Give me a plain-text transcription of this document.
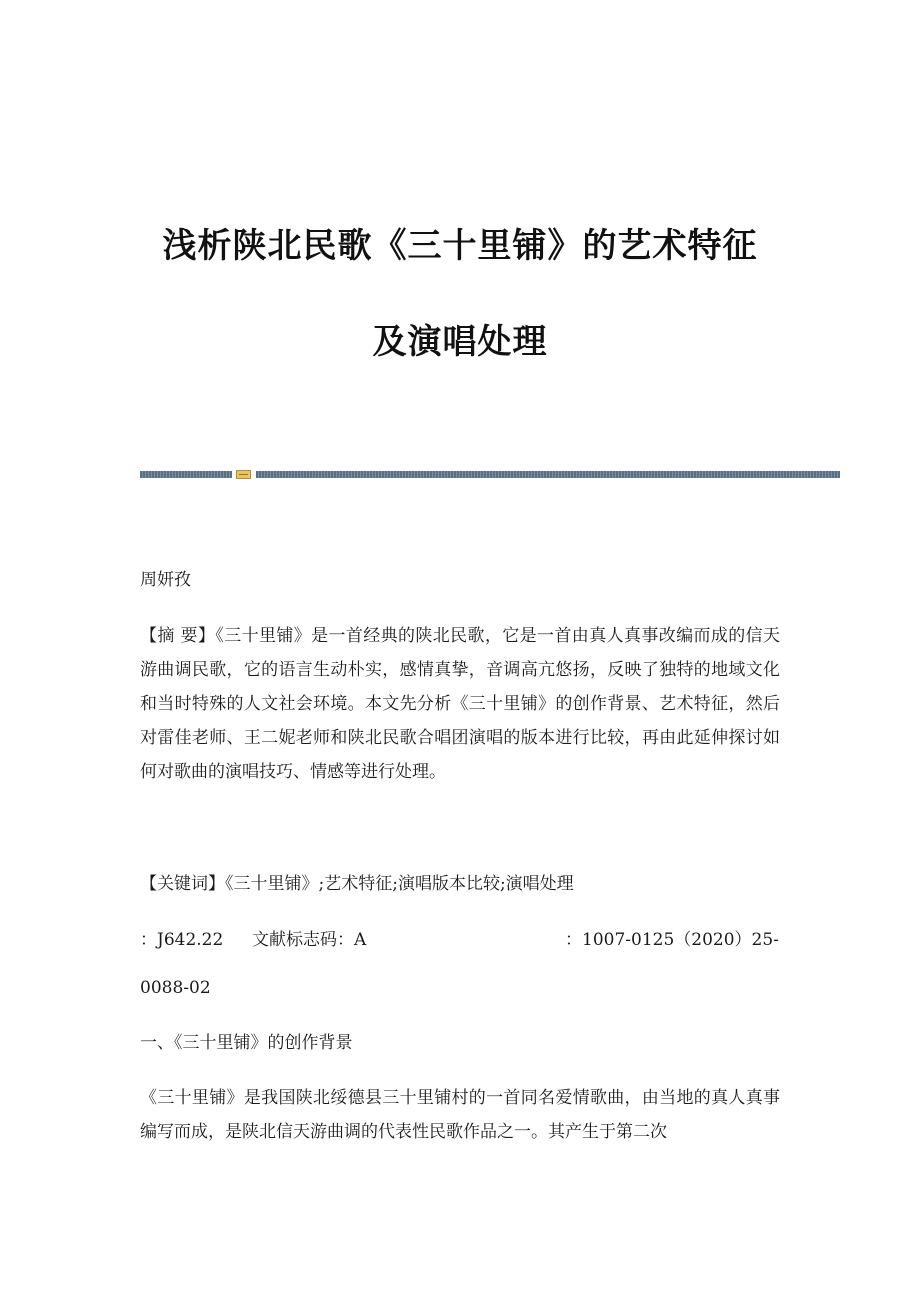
浅析陕北民歌《三十里铺》的艺术特征
及演唱处理
周妍孜

【摘 要】《三十里铺》是一首经典的陕北民歌，它是一首由真人真事改编而成的信天游曲调民歌，它的语言生动朴实，感情真挚，音调高亢悠扬，反映了独特的地域文化和当时特殊的人文社会环境。本文先分析《三十里铺》的创作背景、艺术特征，然后对雷佳老师、王二妮老师和陕北民歌合唱团演唱的版本进行比较，再由此延伸探讨如何对歌曲的演唱技巧、情感等进行处理。

【关键词】《三十里铺》;艺术特征;演唱版本比较;演唱处理
：J642.22 文献标志码：A	：1007-0125（2020）25-
0088-02
一、《三十里铺》的创作背景

《三十里铺》是我国陕北绥德县三十里铺村的一首同名爱情歌曲，由当地的真人真事编写而成，是陕北信天游曲调的代表性民歌作品之一。其产生于第二次
